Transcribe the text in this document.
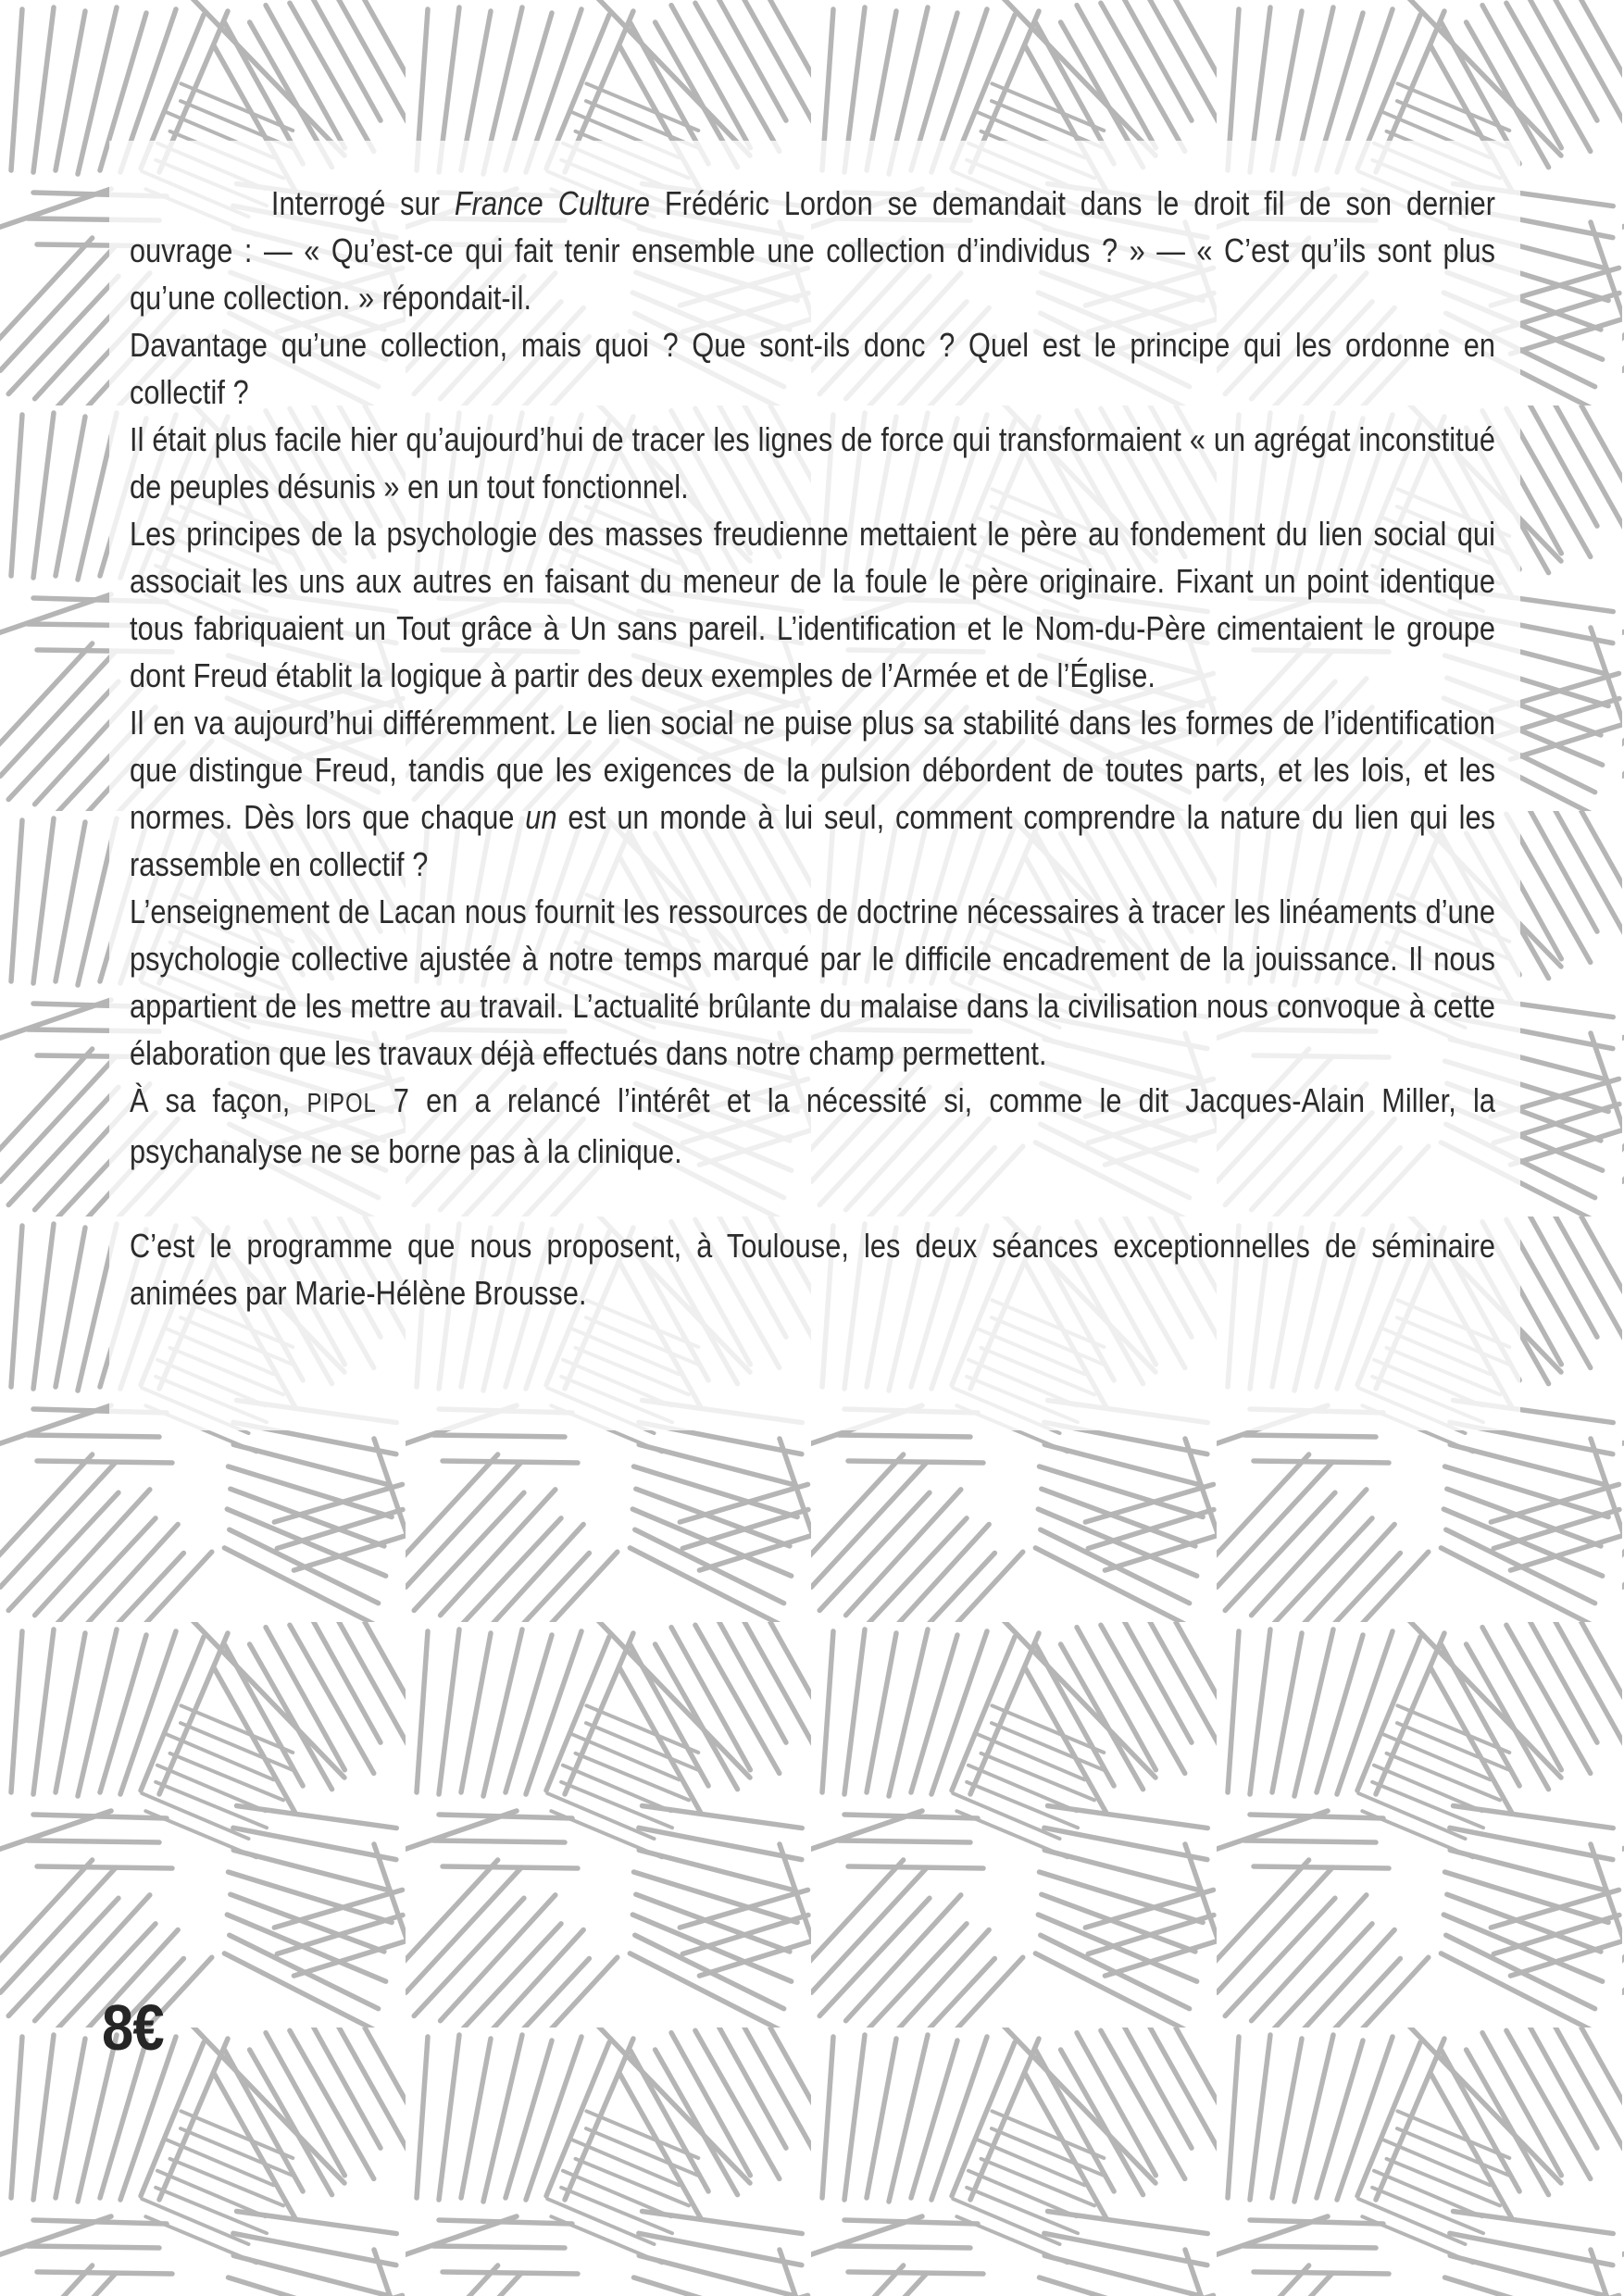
Interrogé sur France Culture Frédéric Lordon se demandait dans le droit fil de son dernier ouvrage : — « Qu’est-ce qui fait tenir ensemble une collection d’individus ? » — « C’est qu’ils sont plus qu’une collection. » répondait-il.

Davantage qu’une collection, mais quoi ? Que sont-ils donc ? Quel est le principe qui les ordonne en collectif ?

Il était plus facile hier qu’aujourd’hui de tracer les lignes de force qui transformaient « un agrégat inconstitué de peuples désunis » en un tout fonctionnel.

Les principes de la psychologie des masses freudienne mettaient le père au fondement du lien social qui associait les uns aux autres en faisant du meneur de la foule le père originaire. Fixant un point identique tous fabriquaient un Tout grâce à Un sans pareil. L’identification et le Nom-du-Père cimentaient le groupe dont Freud établit la logique à partir des deux exemples de l’Armée et de l’Église.

Il en va aujourd’hui différemment. Le lien social ne puise plus sa stabilité dans les formes de l’identification que distingue Freud, tandis que les exigences de la pulsion débordent de toutes parts, et les lois, et les normes. Dès lors que chaque un est un monde à lui seul, comment comprendre la nature du lien qui les rassemble en collectif ?

L’enseignement de Lacan nous fournit les ressources de doctrine nécessaires à tracer les linéaments d’une psychologie collective ajustée à notre temps marqué par le difficile encadrement de la jouissance. Il nous appartient de les mettre au travail. L’actualité brûlante du malaise dans la civilisation nous convoque à cette élaboration que les travaux déjà effectués dans notre champ permettent.

À sa façon, PIPOL 7 en a relancé l’intérêt et la nécessité si, comme le dit Jacques-Alain Miller, la psychanalyse ne se borne pas à la clinique.

C’est le programme que nous proposent, à Toulouse, les deux séances exceptionnelles de séminaire animées par Marie-Hélène Brousse.

8€
